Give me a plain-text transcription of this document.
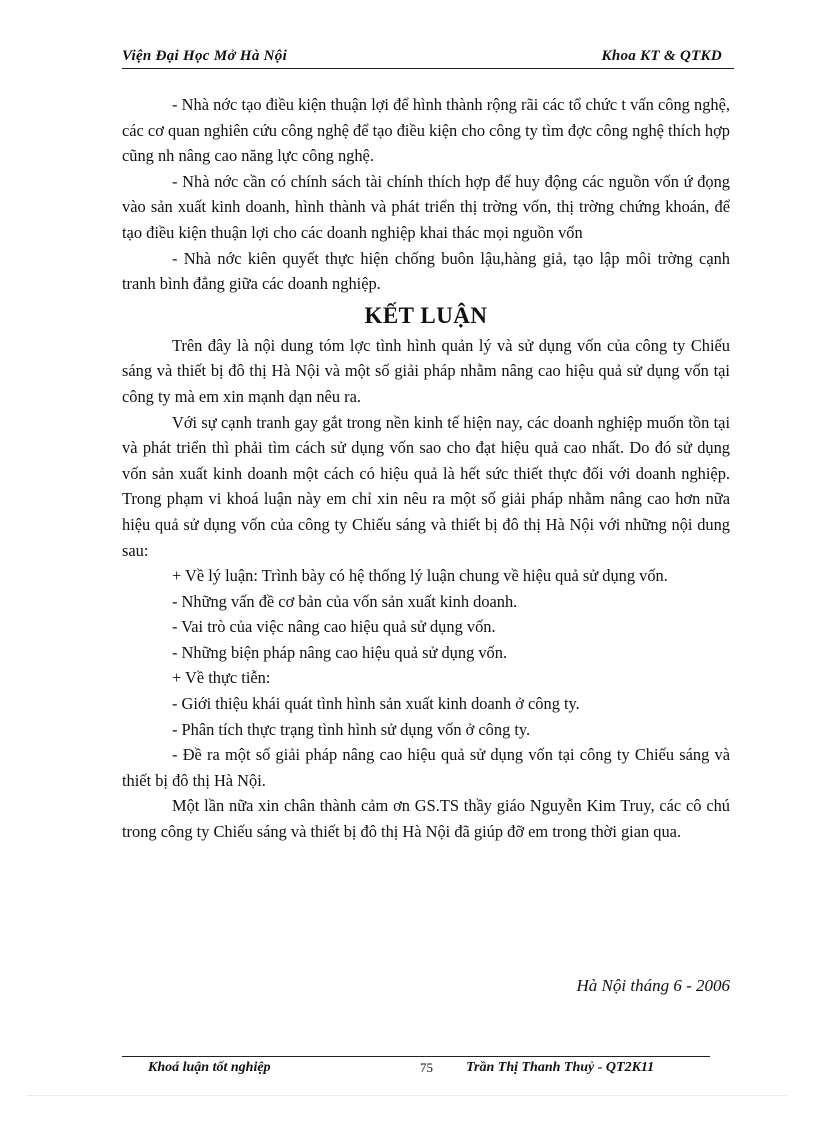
Viện Đại Học Mở Hà Nội	Khoa KT & QTKD

- Nhà nớc tạo điều kiện thuận lợi để hình thành rộng rãi các tổ chức t vấn công nghệ, các cơ quan nghiên cứu công nghệ để tạo điều kiện cho công ty tìm đợc công nghệ thích hợp cũng nh nâng cao năng lực công nghệ.

- Nhà nớc cần có chính sách tài chính thích hợp để huy động các nguồn vốn ứ đọng vào sản xuất kinh doanh, hình thành và phát triển thị trờng vốn, thị trờng chứng khoán, để tạo điều kiện thuận lợi cho các doanh nghiệp khai thác mọi nguồn vốn

- Nhà nớc kiên quyết thực hiện chống buôn lậu,hàng giả, tạo lập môi trờng cạnh tranh bình đẳng giữa các doanh nghiệp.

KẾT LUẬN

Trên đây là nội dung tóm lợc tình hình quản lý và sử dụng vốn của công ty Chiếu sáng và thiết bị đô thị Hà Nội và một số giải pháp nhằm nâng cao hiệu quả sử dụng vốn tại công ty mà em xin mạnh dạn nêu ra.

Với sự cạnh tranh gay gắt trong nền kinh tế hiện nay, các doanh nghiệp muốn tồn tại và phát triển thì phải tìm cách sử dụng vốn sao cho đạt hiệu quả cao nhất. Do đó sử dụng vốn sản xuất kinh doanh một cách có hiệu quả là hết sức thiết thực đối với doanh nghiệp. Trong phạm vi khoá luận này em chỉ xin nêu ra một số giải pháp nhằm nâng cao hơn nữa hiệu quả sử dụng vốn của công ty Chiếu sáng và thiết bị đô thị Hà Nội với những nội dung sau:

+ Về lý luận: Trình bày có hệ thống lý luận chung về hiệu quả sử dụng vốn.

- Những vấn đề cơ bản của vốn sản xuất kinh doanh.

- Vai trò của việc nâng cao hiệu quả sử dụng vốn.

- Những biện pháp nâng cao hiệu quả sử dụng vốn.

+ Về thực tiễn:

- Giới thiệu khái quát tình hình sản xuất kinh doanh ở công ty.

- Phân tích thực trạng tình hình sử dụng vốn ở công ty.

- Đề ra một số giải pháp nâng cao hiệu quả sử dụng vốn tại công ty Chiếu sáng và thiết bị đô thị Hà Nội.

Một lần nữa xin chân thành cảm ơn GS.TS thầy giáo Nguyễn Kim Truy, các cô chú trong công ty Chiếu sáng và thiết bị đô thị Hà Nội đã giúp đỡ em trong thời gian qua.

Hà Nội tháng 6 - 2006
Khoá luận tốt nghiệp	75 Trần Thị Thanh Thuỷ - QT2K11
